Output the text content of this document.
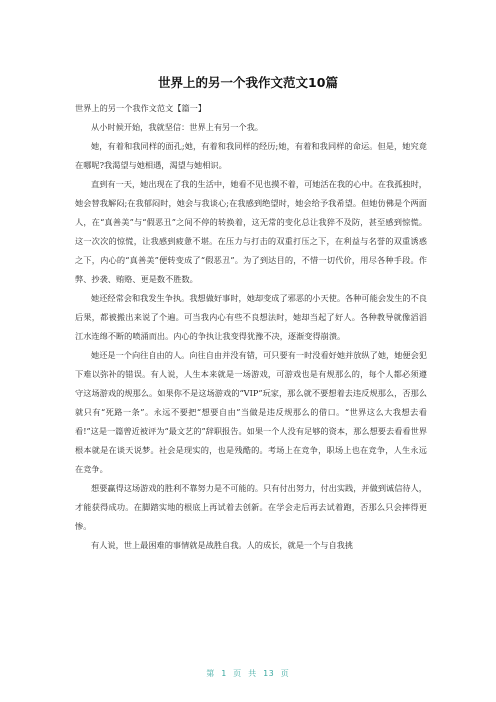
世界上的另一个我作文范文10篇

世界上的另一个我作文范文【篇一】

从小时候开始，我就坚信：世界上有另一个我。

她，有着和我同样的面孔;她，有着和我同样的经历;她，有着和我同样的命运。但是，她究竟在哪呢?我渴望与她相遇，渴望与她相识。

直到有一天，她出现在了我的生活中，她看不见也摸不着，可她活在我的心中。在我孤独时，她会替我解闷;在我郁闷时，她会与我谈心;在我感到绝望时，她会给予我希望。但她仿佛是个两面人，在“真善美”与“假恶丑”之间不停的转换着，这无常的变化总让我猝不及防，甚至感到惊慌。这一次次的惊慌，让我感到疲惫不堪。在压力与打击的双重打压之下，在利益与名誉的双重诱惑之下，内心的“真善美”便转变成了“假恶丑”。为了到达目的，不惜一切代价，用尽各种手段。作弊、抄袭、贿赂、更是数不胜数。

她还经常会和我发生争执。我想做好事时，她却变成了邪恶的小天使。各种可能会发生的不良后果，都被搬出来说了个遍。可当我内心有些不良想法时，她却当起了好人。各种教导就像滔滔江水连绵不断的喷涌而出。内心的争执让我变得犹豫不决，逐渐变得崩溃。

她还是一个向往自由的人。向往自由并没有错，可只要有一时没看好她并放纵了她，她便会犯下难以弥补的错误。有人说，人生本来就是一场游戏，可游戏也是有规那么的，每个人都必须遵守这场游戏的规那么。如果你不是这场游戏的“VIP”玩家，那么就不要想着去违反规那么，否那么就只有“死路一条”。永远不要把“想要自由”当做是违反规那么的借口。“世界这么大我想去看看!”这是一篇曾近被评为“最文艺的”辞职报告。如果一个人没有足够的资本，那么想要去看看世界根本就是在谈天说梦。社会是现实的，也是残酷的。考场上在竞争，职场上也在竞争，人生永远在竞争。

想要赢得这场游戏的胜利不靠努力是不可能的。只有付出努力，付出实践，并做到诚信待人，才能获得成功。在脚踏实地的根底上再试着去创新。在学会走后再去试着跑，否那么只会摔得更惨。

有人说，世上最困难的事情就是战胜自我。人的成长，就是一个与自我挑

第 1 页 共 13 页
